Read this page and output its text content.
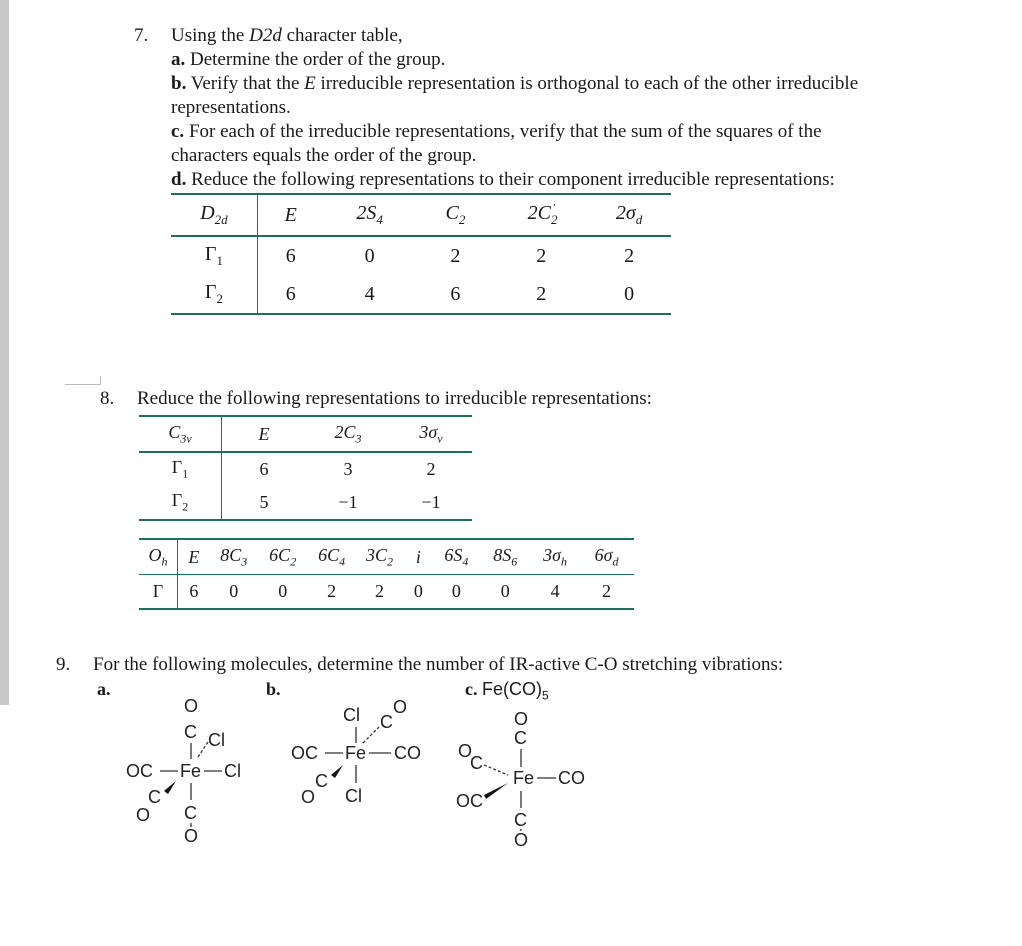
7. Using the D2d character table,
a. Determine the order of the group.
b. Verify that the E irreducible representation is orthogonal to each of the other irreducible
representations.
c. For each of the irreducible representations, verify that the sum of the squares of the
characters equals the order of the group.
d. Reduce the following representations to their component irreducible representations:
$D_{2d}$	E	$2S_4$	$C_2$	$2C_2'$	$2\sigma_d$
$\Gamma_1$	6	0	2	2	2
$\Gamma_2$	6	4	6	2	0
8. Reduce the following representations to irreducible representations:
$C_{3v}$	E	$2C_3$	$3\sigma_v$
$\Gamma_1$	6	3	2
$\Gamma_2$	5	−1	−1
$O_h$	E	$8C_3$	$6C_2$	$6C_4$	$3C_2$	i	$6S_4$	$8S_6$	$3\sigma_h$	$6\sigma_d$
Γ	6	0	0	2	2	0	0	0	4	2
9. For the following molecules, determine the number of IR-active C-O stretching vibrations:
a.	b.	c. $Fe(CO)_5$
O
C Cl
OC Fe Cl
C
O C
O
Cl O
C
OC Fe CO
C
O Cl
O
C
O
C
Fe CO
OC
C
O
